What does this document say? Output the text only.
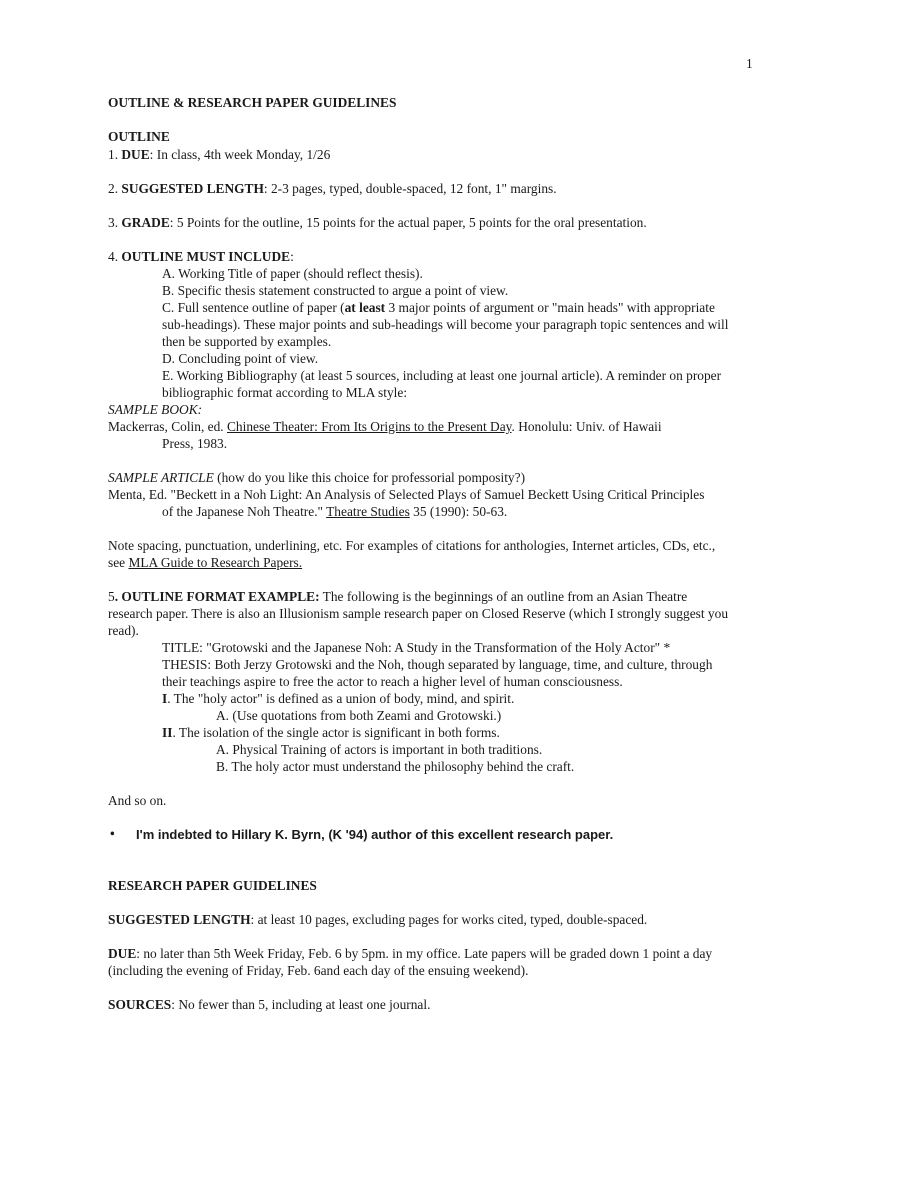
1
OUTLINE & RESEARCH PAPER GUIDELINES
OUTLINE
1. DUE: In class, 4th week Monday, 1/26
2. SUGGESTED LENGTH: 2-3 pages, typed, double-spaced, 12 font, 1" margins.
3. GRADE: 5 Points for the outline, 15 points for the actual paper, 5 points for the oral presentation.
4. OUTLINE MUST INCLUDE:
A. Working Title of paper (should reflect thesis).
B. Specific thesis statement constructed to argue a point of view.
C. Full sentence outline of paper (at least 3 major points of argument or "main heads" with appropriate
sub-headings). These major points and sub-headings will become your paragraph topic sentences and will
then be supported by examples.
D. Concluding point of view.
E. Working Bibliography (at least 5 sources, including at least one journal article). A reminder on proper
bibliographic format according to MLA style:
SAMPLE BOOK:
Mackerras, Colin, ed. Chinese Theater: From Its Origins to the Present Day. Honolulu: Univ. of Hawaii
Press, 1983.
SAMPLE ARTICLE (how do you like this choice for professorial pomposity?)
Menta, Ed. "Beckett in a Noh Light: An Analysis of Selected Plays of Samuel Beckett Using Critical Principles
of the Japanese Noh Theatre." Theatre Studies 35 (1990): 50-63.
Note spacing, punctuation, underlining, etc. For examples of citations for anthologies, Internet articles, CDs, etc.,
see MLA Guide to Research Papers.
5. OUTLINE FORMAT EXAMPLE: The following is the beginnings of an outline from an Asian Theatre
research paper. There is also an Illusionism sample research paper on Closed Reserve (which I strongly suggest you
read).
TITLE: "Grotowski and the Japanese Noh: A Study in the Transformation of the Holy Actor" *
THESIS: Both Jerzy Grotowski and the Noh, though separated by language, time, and culture, through
their teachings aspire to free the actor to reach a higher level of human consciousness.
I. The "holy actor" is defined as a union of body, mind, and spirit.
A. (Use quotations from both Zeami and Grotowski.)
II. The isolation of the single actor is significant in both forms.
A. Physical Training of actors is important in both traditions.
B. The holy actor must understand the philosophy behind the craft.
And so on.
• I'm indebted to Hillary K. Byrn, (K '94) author of this excellent research paper.
RESEARCH PAPER GUIDELINES
SUGGESTED LENGTH: at least 10 pages, excluding pages for works cited, typed, double-spaced.
DUE: no later than 5th Week Friday, Feb. 6 by 5pm. in my office. Late papers will be graded down 1 point a day
(including the evening of Friday, Feb. 6and each day of the ensuing weekend).
SOURCES: No fewer than 5, including at least one journal.
